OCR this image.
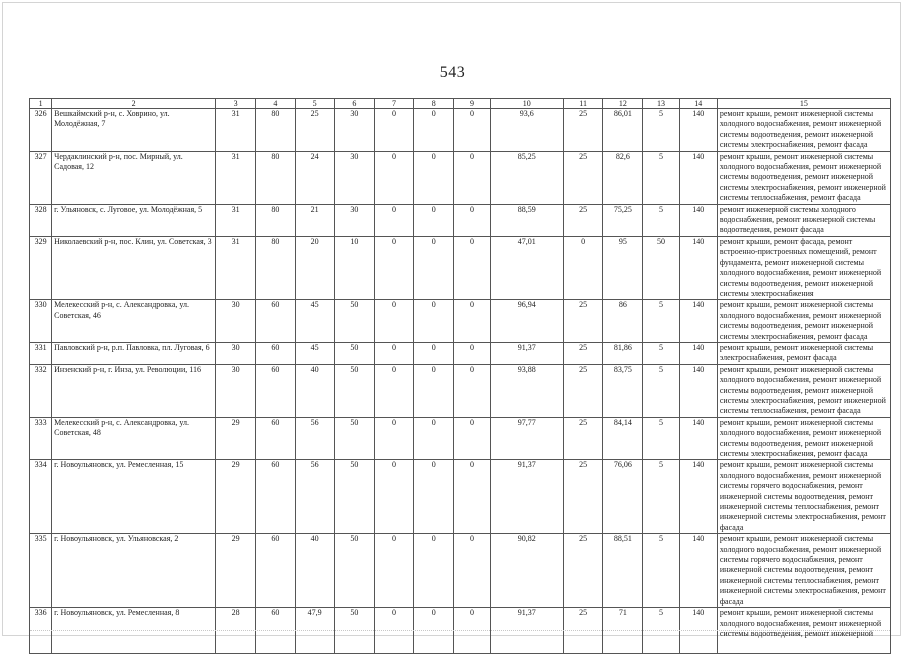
543
1	2	3	4	5	6	7	8	9	10	11	12	13	14	15
326	Вешкаймский р-н, с. Ховрино, ул. Молодёжная, 7	31	80	25	30	0	0	0	93,6	25	86,01	5	140	ремонт крыши, ремонт инженерной системы холодного водоснабжения, ремонт инженерной системы водоотведения, ремонт инженерной системы электроснабжения, ремонт фасада
327	Чердаклинский р-н, пос. Мирный, ул. Садовая, 12	31	80	24	30	0	0	0	85,25	25	82,6	5	140	ремонт крыши, ремонт инженерной системы холодного водоснабжения, ремонт инженерной системы водоотведения, ремонт инженерной системы электроснабжения, ремонт инженерной системы теплоснабжения, ремонт фасада
328	г. Ульяновск, с. Луговое, ул. Молодёжная, 5	31	80	21	30	0	0	0	88,59	25	75,25	5	140	ремонт инженерной системы холодного водоснабжения, ремонт инженерной системы водоотведения, ремонт фасада
329	Николаевский р-н, пос. Клин, ул. Советская, 3	31	80	20	10	0	0	0	47,01	0	95	50	140	ремонт крыши, ремонт фасада, ремонт встроенно-пристроенных помещений, ремонт фундамента, ремонт инженерной системы холодного водоснабжения, ремонт инженерной системы водоотведения, ремонт инженерной системы электроснабжения
330	Мелекесский р-н, с. Александровка, ул. Советская, 46	30	60	45	50	0	0	0	96,94	25	86	5	140	ремонт крыши, ремонт инженерной системы холодного водоснабжения, ремонт инженерной системы водоотведения, ремонт инженерной системы электроснабжения, ремонт фасада
331	Павловский р-н, р.п. Павловка, пл. Луговая, 6	30	60	45	50	0	0	0	91,37	25	81,86	5	140	ремонт крыши, ремонт инженерной системы электроснабжения, ремонт фасада
332	Инзенский р-н, г. Инза, ул. Революции, 116	30	60	40	50	0	0	0	93,88	25	83,75	5	140	ремонт крыши, ремонт инженерной системы холодного водоснабжения, ремонт инженерной системы водоотведения, ремонт инженерной системы электроснабжения, ремонт инженерной системы теплоснабжения, ремонт фасада
333	Мелекесский р-н, с. Александровка, ул. Советская, 48	29	60	56	50	0	0	0	97,77	25	84,14	5	140	ремонт крыши, ремонт инженерной системы холодного водоснабжения, ремонт инженерной системы водоотведения, ремонт инженерной системы электроснабжения, ремонт фасада
334	г. Новоульяновск, ул. Ремесленная, 15	29	60	56	50	0	0	0	91,37	25	76,06	5	140	ремонт крыши, ремонт инженерной системы холодного водоснабжения, ремонт инженерной системы горячего водоснабжения, ремонт инженерной системы водоотведения, ремонт инженерной системы теплоснабжения, ремонт инженерной системы электроснабжения, ремонт фасада
335	г. Новоульяновск, ул. Ульяновская, 2	29	60	40	50	0	0	0	90,82	25	88,51	5	140	ремонт крыши, ремонт инженерной системы холодного водоснабжения, ремонт инженерной системы горячего водоснабжения, ремонт инженерной системы водоотведения, ремонт инженерной системы теплоснабжения, ремонт инженерной системы электроснабжения, ремонт фасада
336	г. Новоульяновск, ул. Ремесленная, 8	28	60	47,9	50	0	0	0	91,37	25	71	5	140	ремонт крыши, ремонт инженерной системы холодного водоснабжения, ремонт инженерной системы водоотведения, ремонт инженерной
